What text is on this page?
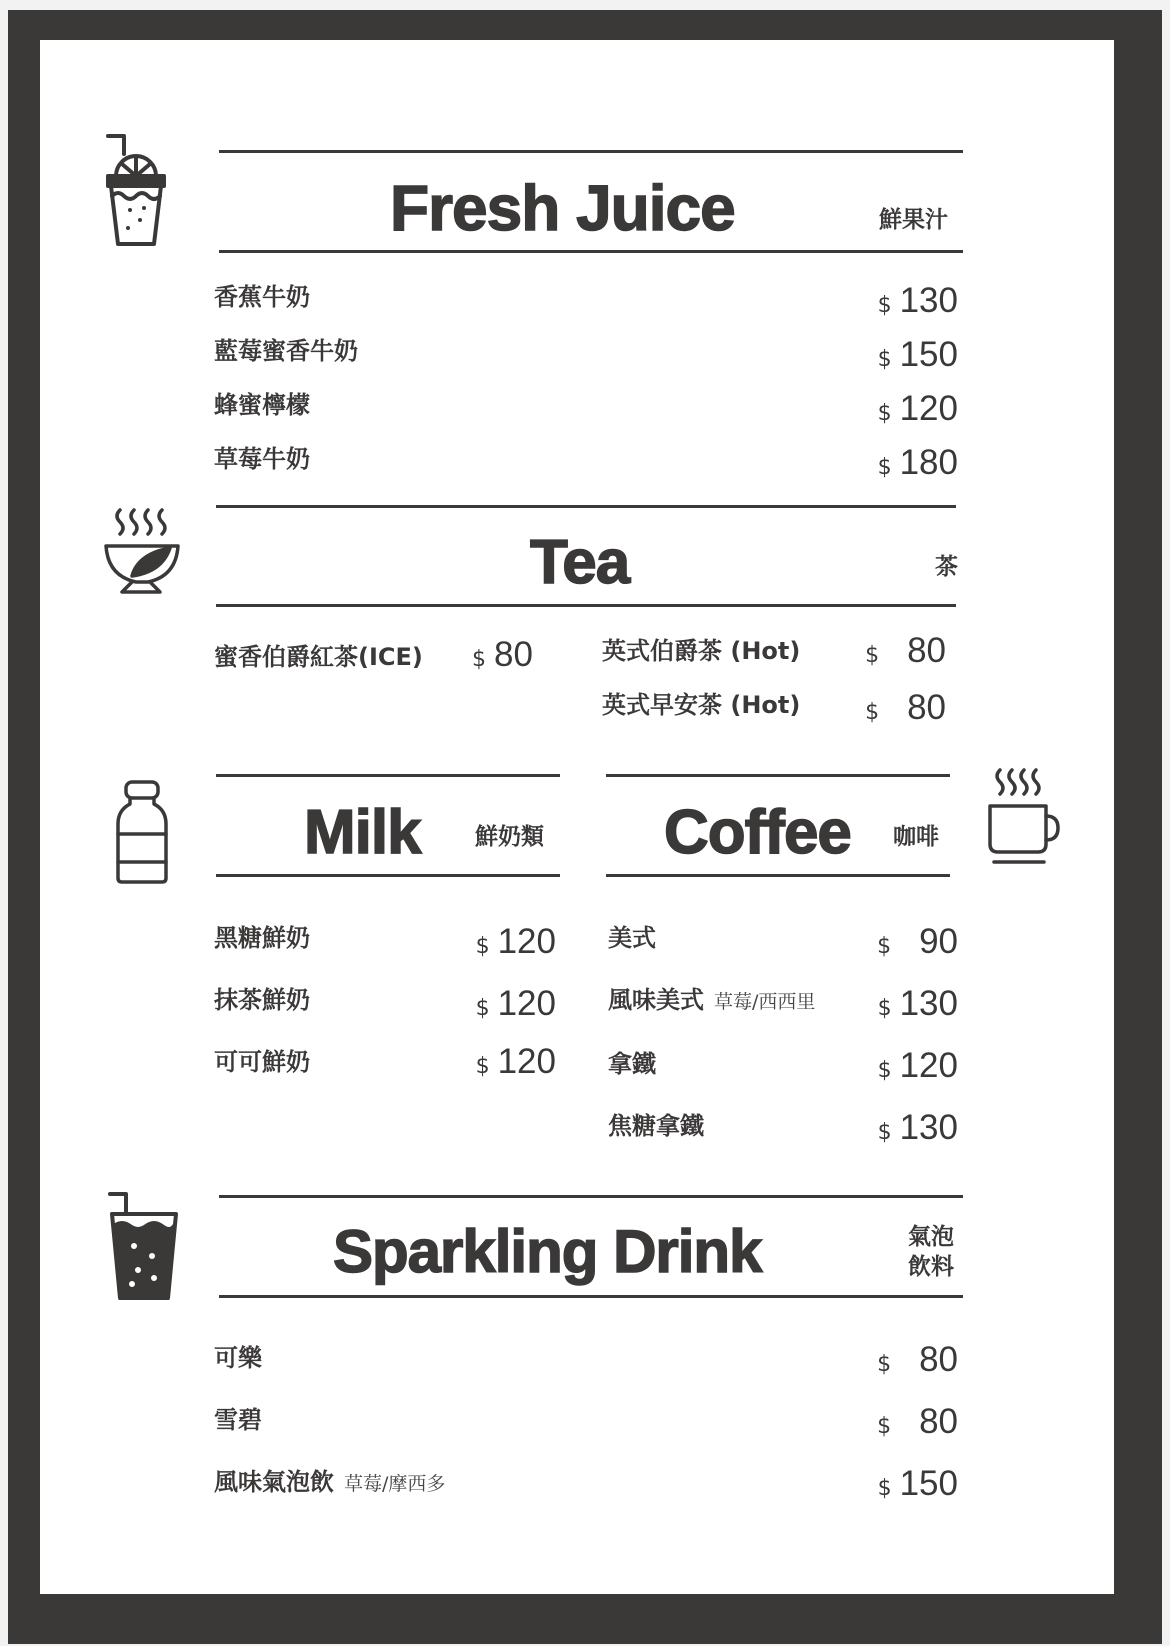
Fresh Juice	鮮果汁
香蕉牛奶	$ 130
藍莓蜜香牛奶	$ 150
蜂蜜檸檬	$ 120
草莓牛奶	$ 180
Tea	茶
蜜香伯爵紅茶(ICE) $ 80	英式伯爵茶 (Hot)	$ 80
英式早安茶 (Hot)	$ 80
Milk 鮮奶類
黑糖鮮奶	$ 120
抹茶鮮奶	$ 120
可可鮮奶	$ 120
Coffee 咖啡
美式	$ 90
風味美式 草莓/西西里	$ 130
拿鐵	$ 120
焦糖拿鐵	$ 130
Sparkling Drink	氣泡
飲料
可樂	$ 80
雪碧	$ 80
風味氣泡飲 草莓/摩西多	$ 150
